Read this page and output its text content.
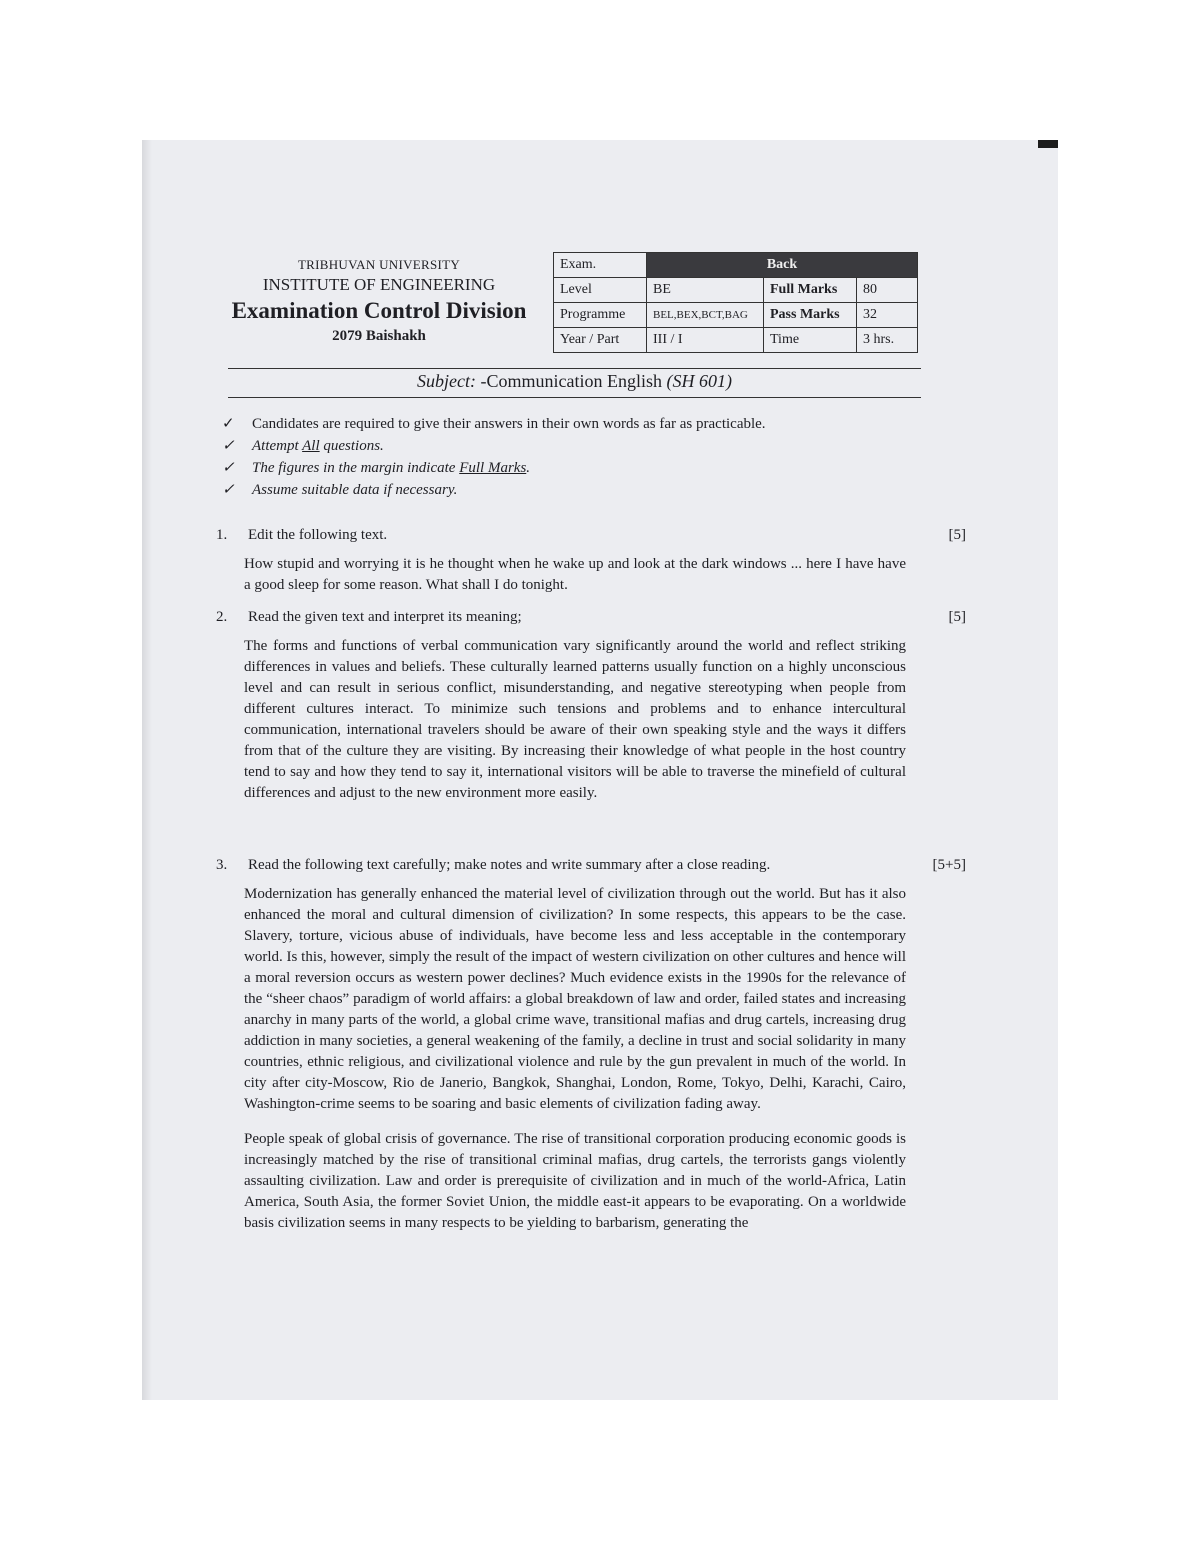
TRIBHUVAN UNIVERSITY
INSTITUTE OF ENGINEERING
Examination Control Division
2079 Baishakh
Exam.	Back		
Level	BE	Full Marks	80
Programme	BEL,BEX,BCT,BAG	Pass Marks	32
Year / Part	III / I	Time	3 hrs.
Subject: -Communication English (SH 601)
✓ Candidates are required to give their answers in their own words as far as practicable.
✓ Attempt All questions.
✓ The figures in the margin indicate Full Marks.
✓ Assume suitable data if necessary.
1. Edit the following text.	[5]
How stupid and worrying it is he thought when he wake up and look at the dark windows ... here I have have a good sleep for some reason. What shall I do tonight.
2. Read the given text and interpret its meaning;	[5]
The forms and functions of verbal communication vary significantly around the world and reflect striking differences in values and beliefs. These culturally learned patterns usually function on a highly unconscious level and can result in serious conflict, misunderstanding, and negative stereotyping when people from different cultures interact. To minimize such tensions and problems and to enhance intercultural communication, international travelers should be aware of their own speaking style and the ways it differs from that of the culture they are visiting. By increasing their knowledge of what people in the host country tend to say and how they tend to say it, international visitors will be able to traverse the minefield of cultural differences and adjust to the new environment more easily.
3. Read the following text carefully; make notes and write summary after a close reading.	[5+5]
Modernization has generally enhanced the material level of civilization through out the world. But has it also enhanced the moral and cultural dimension of civilization? In some respects, this appears to be the case. Slavery, torture, vicious abuse of individuals, have become less and less acceptable in the contemporary world. Is this, however, simply the result of the impact of western civilization on other cultures and hence will a moral reversion occurs as western power declines? Much evidence exists in the 1990s for the relevance of the “sheer chaos” paradigm of world affairs: a global breakdown of law and order, failed states and increasing anarchy in many parts of the world, a global crime wave, transitional mafias and drug cartels, increasing drug addiction in many societies, a general weakening of the family, a decline in trust and social solidarity in many countries, ethnic religious, and civilizational violence and rule by the gun prevalent in much of the world. In city after city-Moscow, Rio de Janerio, Bangkok, Shanghai, London, Rome, Tokyo, Delhi, Karachi, Cairo, Washington-crime seems to be soaring and basic elements of civilization fading away.
People speak of global crisis of governance. The rise of transitional corporation producing economic goods is increasingly matched by the rise of transitional criminal mafias, drug cartels, the terrorists gangs violently assaulting civilization. Law and order is prerequisite of civilization and in much of the world-Africa, Latin America, South Asia, the former Soviet Union, the middle east-it appears to be evaporating. On a worldwide basis civilization seems in many respects to be yielding to barbarism, generating the
